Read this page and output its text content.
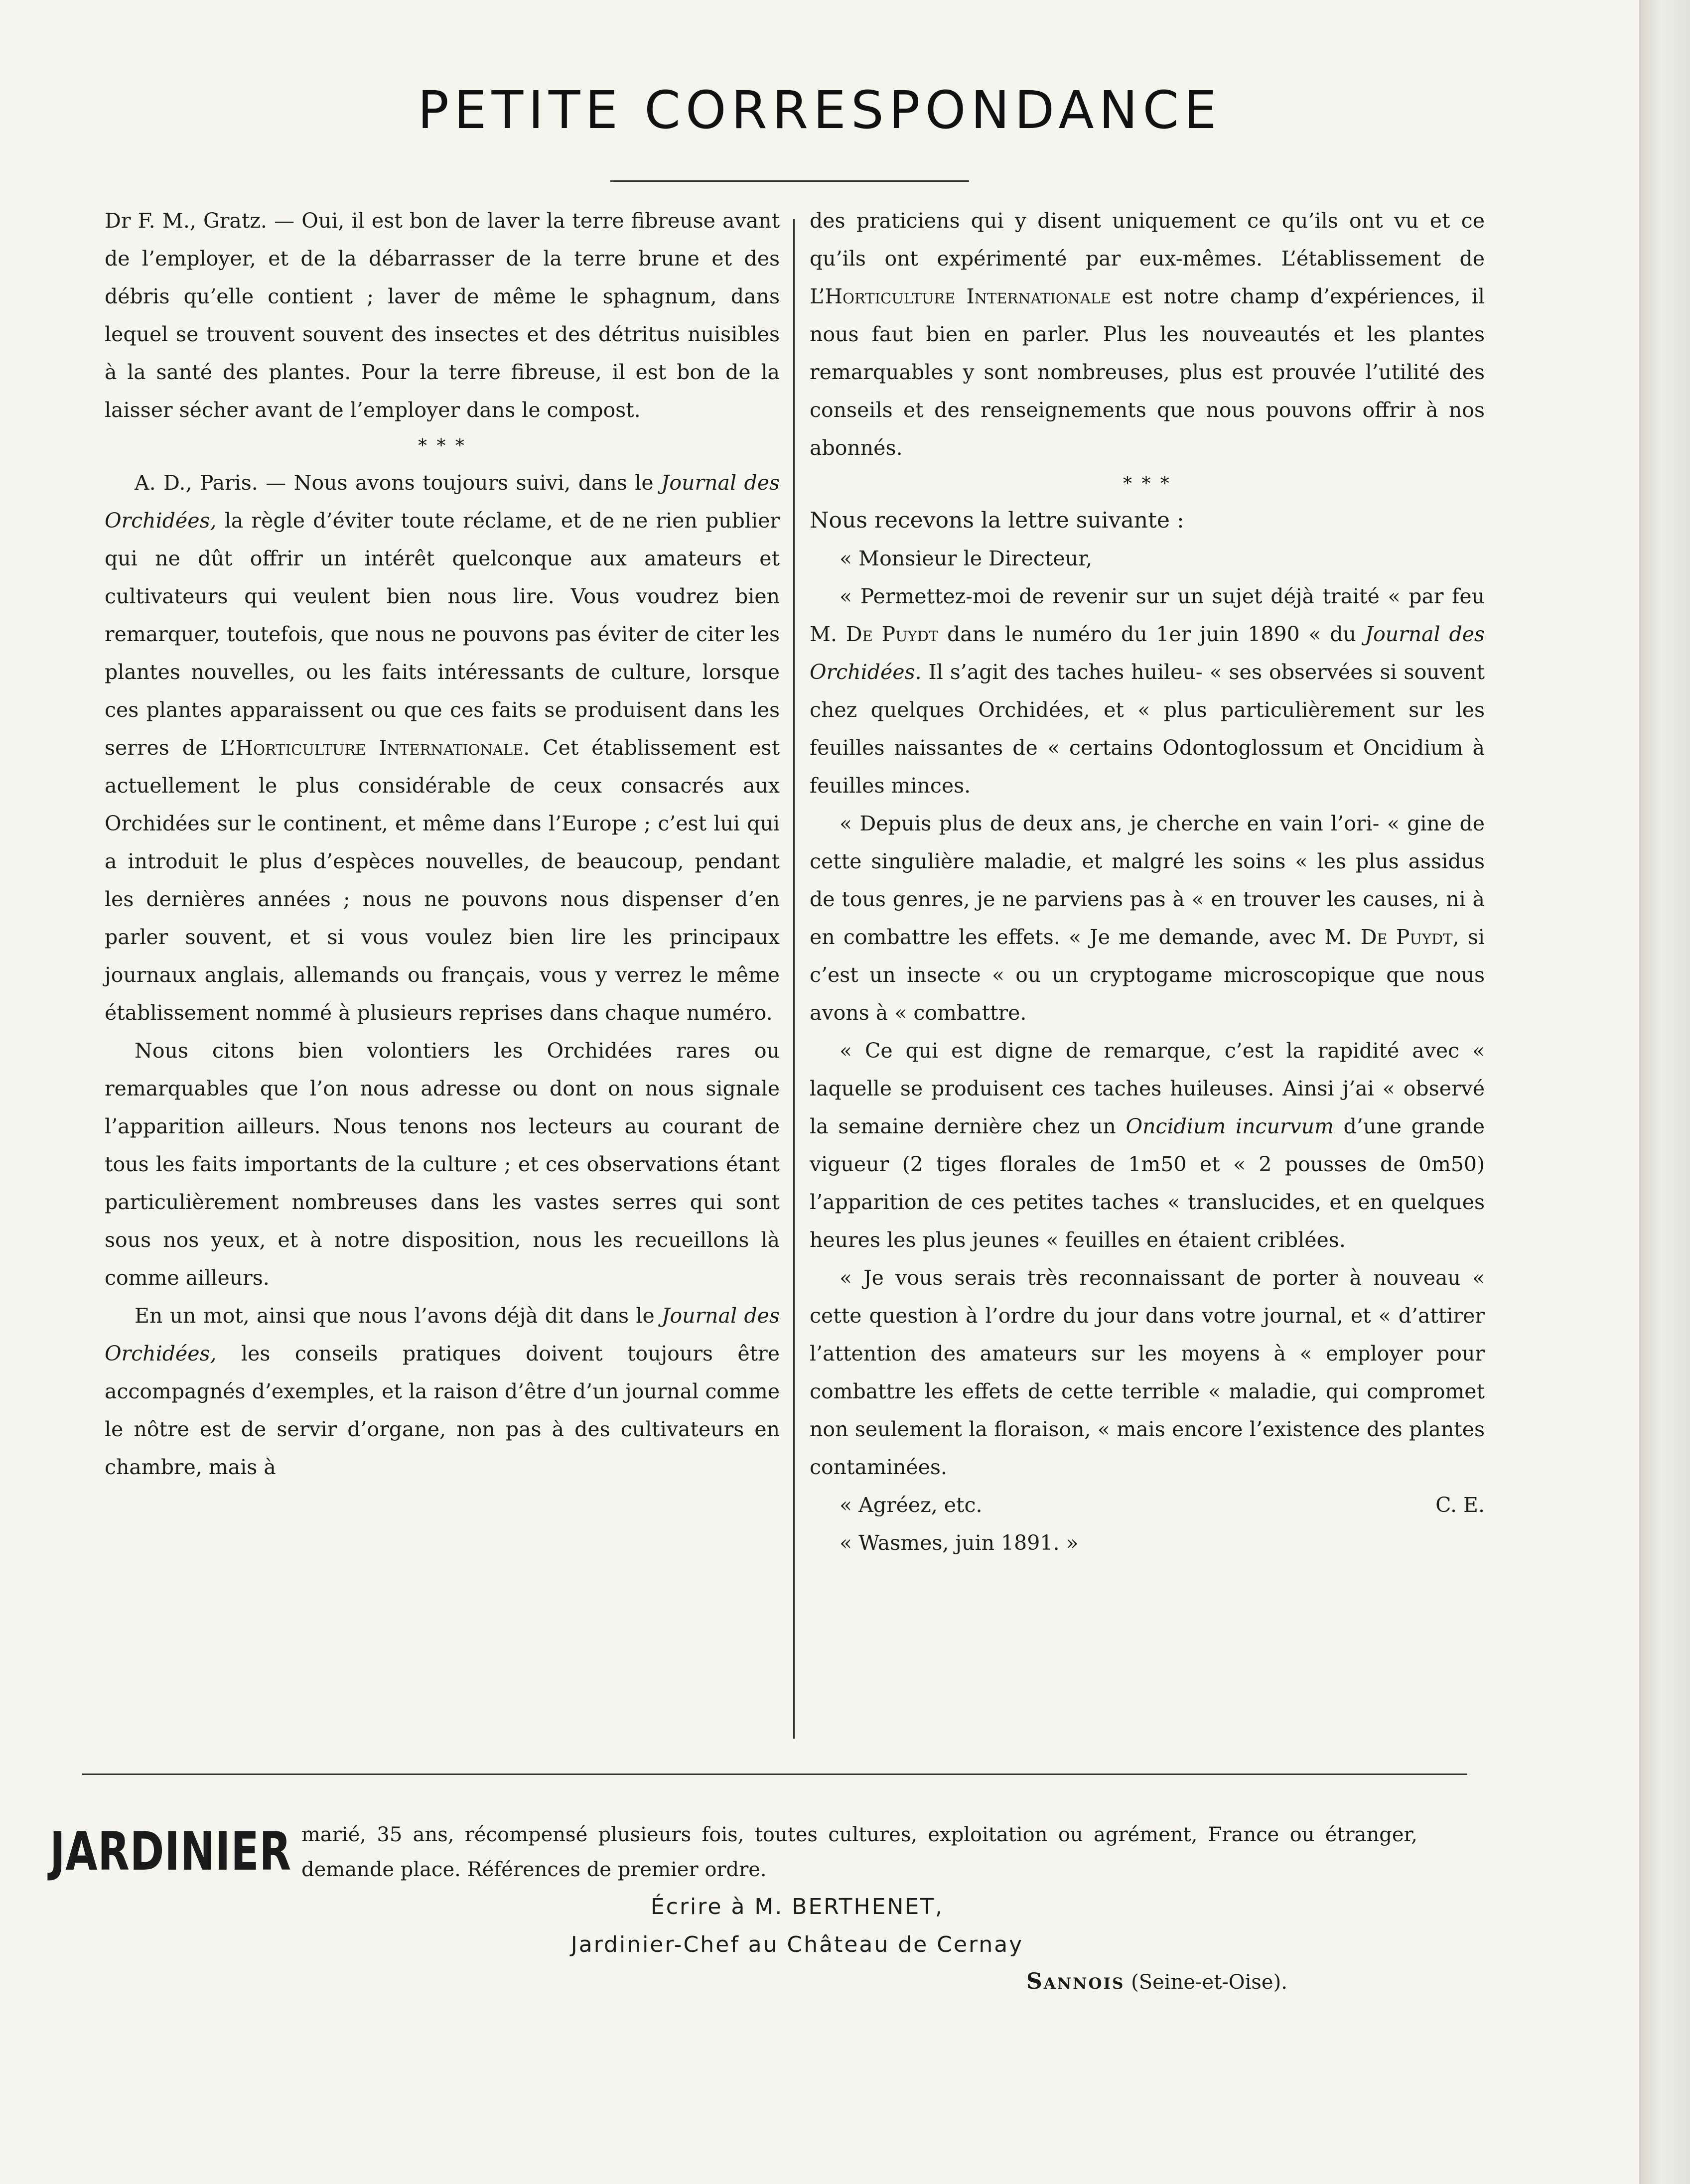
PETITE CORRESPONDANCE

Dr F. M., Gratz. — Oui, il est bon de laver la terre fibreuse avant de l’employer, et de la débarrasser de la terre brune et des débris qu’elle contient ; laver de même le sphagnum, dans lequel se trouvent souvent des insectes et des détritus nuisibles à la santé des plantes. Pour la terre fibreuse, il est bon de la laisser sécher avant de l’employer dans le compost.

* * *

A. D., Paris. — Nous avons toujours suivi, dans le Journal des Orchidées, la règle d’éviter toute réclame, et de ne rien publier qui ne dût offrir un intérêt quelconque aux amateurs et cultivateurs qui veulent bien nous lire. Vous voudrez bien remarquer, toutefois, que nous ne pouvons pas éviter de citer les plantes nouvelles, ou les faits intéressants de culture, lorsque ces plantes apparaissent ou que ces faits se produisent dans les serres de L’Horticulture Internationale. Cet établissement est actuellement le plus considérable de ceux consacrés aux Orchidées sur le continent, et même dans l’Europe ; c’est lui qui a introduit le plus d’espèces nouvelles, de beaucoup, pendant les dernières années ; nous ne pouvons nous dispenser d’en parler souvent, et si vous voulez bien lire les principaux journaux anglais, allemands ou français, vous y verrez le même établissement nommé à plusieurs reprises dans chaque numéro.

Nous citons bien volontiers les Orchidées rares ou remarquables que l’on nous adresse ou dont on nous signale l’apparition ailleurs. Nous tenons nos lecteurs au courant de tous les faits importants de la culture ; et ces observations étant particulièrement nombreuses dans les vastes serres qui sont sous nos yeux, et à notre disposition, nous les recueillons là comme ailleurs.

En un mot, ainsi que nous l’avons déjà dit dans le Journal des Orchidées, les conseils pratiques doivent toujours être accompagnés d’exemples, et la raison d’être d’un journal comme le nôtre est de servir d’organe, non pas à des cultivateurs en chambre, mais à

des praticiens qui y disent uniquement ce qu’ils ont vu et ce qu’ils ont expérimenté par eux-mêmes. L’établissement de L’Horticulture Internationale est notre champ d’expériences, il nous faut bien en parler. Plus les nouveautés et les plantes remarquables y sont nombreuses, plus est prouvée l’utilité des conseils et des renseignements que nous pouvons offrir à nos abonnés.

* * *

Nous recevons la lettre suivante :

« Monsieur le Directeur,

« Permettez-moi de revenir sur un sujet déjà traité « par feu M. De Puydt dans le numéro du 1er juin 1890 « du Journal des Orchidées. Il s’agit des taches huileu- « ses observées si souvent chez quelques Orchidées, et « plus particulièrement sur les feuilles naissantes de « certains Odontoglossum et Oncidium à feuilles minces.

« Depuis plus de deux ans, je cherche en vain l’ori- « gine de cette singulière maladie, et malgré les soins « les plus assidus de tous genres, je ne parviens pas à « en trouver les causes, ni à en combattre les effets. « Je me demande, avec M. De Puydt, si c’est un insecte « ou un cryptogame microscopique que nous avons à « combattre.

« Ce qui est digne de remarque, c’est la rapidité avec « laquelle se produisent ces taches huileuses. Ainsi j’ai « observé la semaine dernière chez un Oncidium incurvum d’une grande vigueur (2 tiges florales de 1m50 et « 2 pousses de 0m50) l’apparition de ces petites taches « translucides, et en quelques heures les plus jeunes « feuilles en étaient criblées.

« Je vous serais très reconnaissant de porter à nouveau « cette question à l’ordre du jour dans votre journal, et « d’attirer l’attention des amateurs sur les moyens à « employer pour combattre les effets de cette terrible « maladie, qui compromet non seulement la floraison, « mais encore l’existence des plantes contaminées.

« Agréez, etc.	C. E.
« Wasmes, juin 1891. »
JARDINIER marié, 35 ans, récompensé plusieurs fois, toutes cultures, exploitation ou agrément, France ou étranger, demande place. Références de premier ordre.
Écrire à M. BERTHENET,
Jardinier-Chef au Château de Cernay
Sannois (Seine-et-Oise).
